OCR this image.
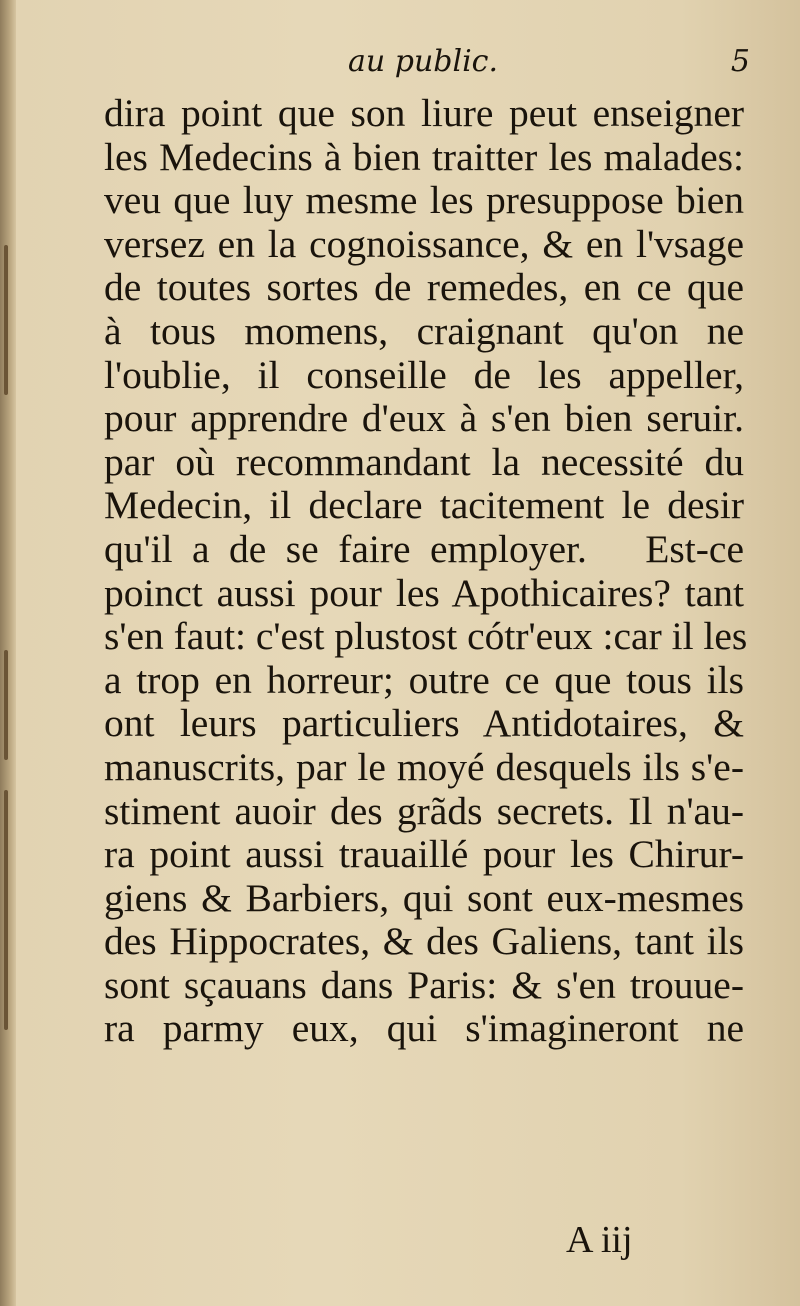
au public.	5
dira point que son liure peut enseigner
les Medecins à bien traitter les malades:
veu que luy mesme les presuppose bien
versez en la cognoissance, & en l'vsage
de toutes sortes de remedes, en ce que
à tous momens, craignant qu'on ne
l'oublie, il conseille de les appeller,
pour apprendre d'eux à s'en bien seruir.
par où recommandant la necessité du
Medecin, il declare tacitement le desir
qu'il a de se faire employer.   Est-ce
poinct aussi pour les Apothicaires? tant
s'en faut: c'est plustost cótr'eux :car il les
a trop en horreur; outre ce que tous ils
ont leurs particuliers Antidotaires, &
manuscrits, par le moyé desquels ils s'e-
stiment auoir des grãds secrets. Il n'au-
ra point aussi trauaillé pour les Chirur-
giens & Barbiers, qui sont eux-mesmes
des Hippocrates, & des Galiens, tant ils
sont sçauans dans Paris: & s'en trouue-
ra parmy eux, qui s'imagineront ne
A iij
